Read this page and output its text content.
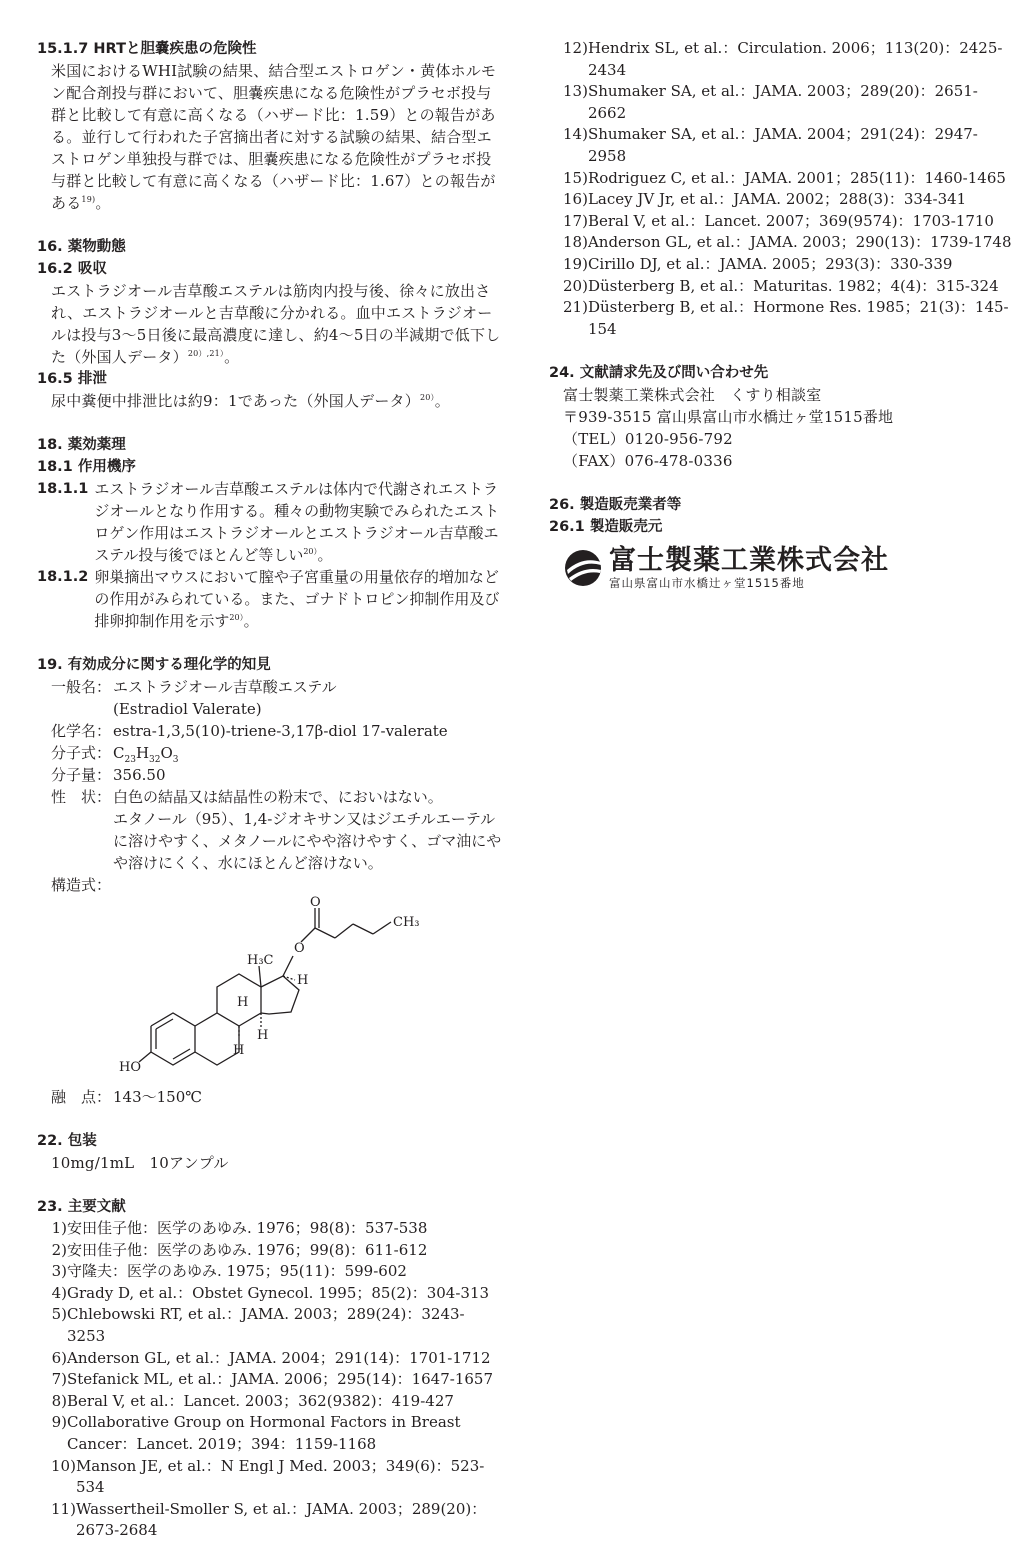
15.1.7 HRTと胆嚢疾患の危険性
米国におけるWHI試験の結果、結合型エストロゲン・黄体ホルモン配合剤投与群において、胆嚢疾患になる危険性がプラセボ投与群と比較して有意に高くなる（ハザード比：1.59）との報告がある。並行して行われた子宮摘出者に対する試験の結果、結合型エストロゲン単独投与群では、胆嚢疾患になる危険性がプラセボ投与群と比較して有意に高くなる（ハザード比：1.67）との報告がある$^{19)}$。
16. 薬物動態
16.2 吸収
エストラジオール吉草酸エステルは筋肉内投与後、徐々に放出され、エストラジオールと吉草酸に分かれる。血中エストラジオールは投与3～5日後に最高濃度に達し、約4～5日の半減期で低下した（外国人データ）$^{20),21)}$。
16.5 排泄
尿中糞便中排泄比は約9：1であった（外国人データ）$^{20)}$。
18. 薬効薬理
18.1 作用機序
18.1.1 エストラジオール吉草酸エステルは体内で代謝されエストラジオールとなり作用する。種々の動物実験でみられたエストロゲン作用はエストラジオールとエストラジオール吉草酸エステル投与後でほとんど等しい$^{20)}$。
18.1.2 卵巣摘出マウスにおいて膣や子宮重量の用量依存的増加などの作用がみられている。また、ゴナドトロピン抑制作用及び排卵抑制作用を示す$^{20)}$。
19. 有効成分に関する理化学的知見
一般名： エストラジオール吉草酸エステル
(Estradiol Valerate)
化学名： estra-1,3,5(10)-triene-3,17β-diol 17-valerate
分子式： $C_{23}H_{32}O_3$
分子量： 356.50
性　状： 白色の結晶又は結晶性の粉末で、においはない。
エタノール（95）、1,4-ジオキサン又はジエチルエーテルに溶けやすく、メタノールにやや溶けやすく、ゴマ油にやや溶けにくく、水にほとんど溶けない。
構造式：
O
O
CH₃
H₃C
H
H
H
H
HO
融　点： 143～150℃
22. 包装
10mg/1mL　10アンプル
23. 主要文献
1) 安田佳子他：医学のあゆみ. 1976；98(8)：537-538
2) 安田佳子他：医学のあゆみ. 1976；99(8)：611-612
3) 守隆夫：医学のあゆみ. 1975；95(11)：599-602
4) Grady D, et al.：Obstet Gynecol. 1995；85(2)：304-313
5) Chlebowski RT, et al.：JAMA. 2003；289(24)：3243-
3253
6) Anderson GL, et al.：JAMA. 2004；291(14)：1701-1712
7) Stefanick ML, et al.：JAMA. 2006；295(14)：1647-1657
8) Beral V, et al.：Lancet. 2003；362(9382)：419-427
9) Collaborative Group on Hormonal Factors in Breast
Cancer：Lancet. 2019；394：1159-1168
10) Manson JE, et al.：N Engl J Med. 2003；349(6)：523-
534
11) Wassertheil-Smoller S, et al.：JAMA. 2003；289(20)：
2673-2684
12) Hendrix SL, et al.：Circulation. 2006；113(20)：2425-
2434
13) Shumaker SA, et al.：JAMA. 2003；289(20)：2651-2662
14) Shumaker SA, et al.：JAMA. 2004；291(24)：2947-2958
15) Rodriguez C, et al.：JAMA. 2001；285(11)：1460-1465
16) Lacey JV Jr, et al.：JAMA. 2002；288(3)：334-341
17) Beral V, et al.：Lancet. 2007；369(9574)：1703-1710
18) Anderson GL, et al.：JAMA. 2003；290(13)：1739-1748
19) Cirillo DJ, et al.：JAMA. 2005；293(3)：330-339
20) Düsterberg B, et al.：Maturitas. 1982；4(4)：315-324
21) Düsterberg B, et al.：Hormone Res. 1985；21(3)：145-
154
24. 文献請求先及び問い合わせ先
富士製薬工業株式会社　くすり相談室
〒939-3515 富山県富山市水橋辻ヶ堂1515番地
（TEL）0120-956-792
（FAX）076-478-0336
26. 製造販売業者等
26.1 製造販売元
富士製薬工業株式会社
富山県富山市水橋辻ヶ堂1515番地
